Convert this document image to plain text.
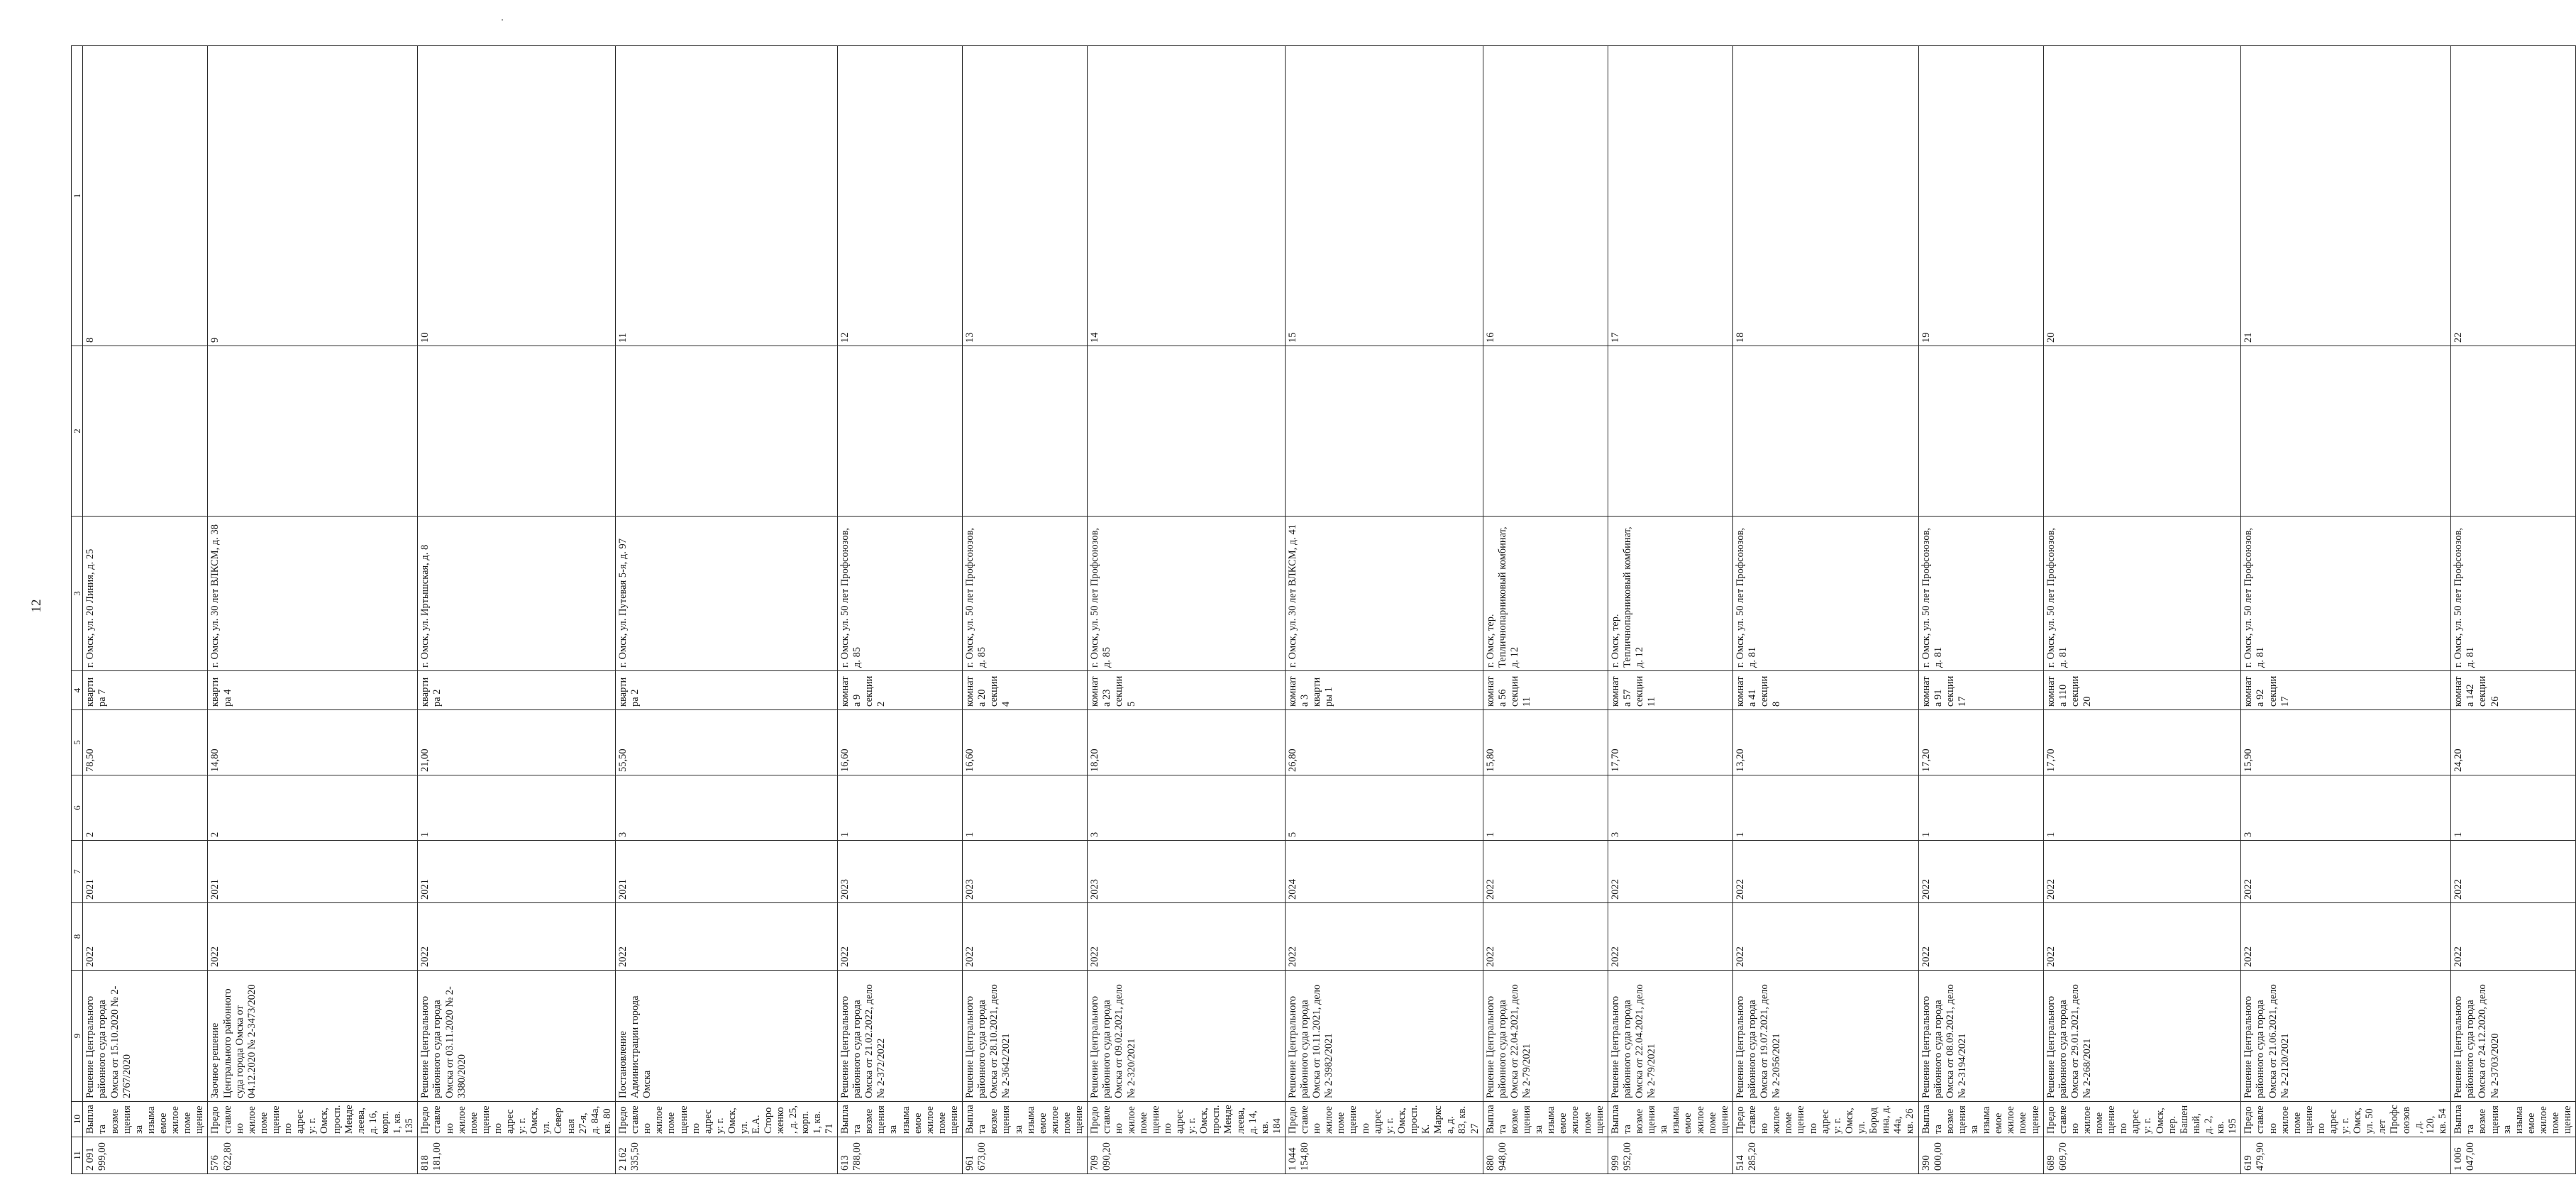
12
11	10	9	8	7	6	5	4	3	2	1
2 091 999,00	Выплата возмещения за изымаемое жилое помещение	Решение Центрального районного суда города Омска от 15.10.2020 № 2-2767/2020	2022	2021	2	78,50	квартира 7	г. Омск, ул. 20 Линия, д. 25		8
576 622,80	Предоставлено жилое помещение по адресу: г. Омск, просп. Менделеева, д. 16, корп. 1, кв. 135	Заочное решение Центрального районного суда города Омска от 04.12.2020 № 2-3473/2020	2022	2021	2	14,80	квартира 4	г. Омск, ул. 30 лет ВЛКСМ, д. 38		9
818 181,00	Предоставлено жилое помещение по адресу: г. Омск, ул. Северная 27-я, д. 84а, кв. 80	Решение Центрального районного суда города Омска от 03.11.2020 № 2-3380/2020	2022	2021	1	21,00	квартира 2	г. Омск, ул. Иртышская, д. 8		10
2 162 335,50	Предоставлено жилое помещение по адресу: г. Омск, ул. Е.А. Стороженко, д. 25, корп. 1, кв. 71	Постановление Администрации города Омска	2022	2021	3	55,50	квартира 2	г. Омск, ул. Путевая 5-я, д. 97		11
613 788,00	Выплата возмещения за изымаемое жилое помещение	Решение Центрального районного суда города Омска от 21.02.2022, дело № 2-372/2022	2022	2023	1	16,60	комната 9 секции 2	г. Омск, ул. 50 лет Профсоюзов, д. 85		12
961 673,00	Выплата возмещения за изымаемое жилое помещение	Решение Центрального районного суда города Омска от 28.10.2021, дело № 2-3642/2021	2022	2023	1	16,60	комната 20 секции 4	г. Омск, ул. 50 лет Профсоюзов, д. 85		13
709 090,20	Предоставлено жилое помещение по адресу: г. Омск, просп. Менделеева, д. 14, кв. 184	Решение Центрального районного суда города Омска от 09.02.2021, дело № 2-320/2021	2022	2023	3	18,20	комната 23 секции 5	г. Омск, ул. 50 лет Профсоюзов, д. 85		14
1 044 154,80	Предоставлено жилое помещение по адресу: г. Омск, просп. К. Маркса, д. 83, кв. 27	Решение Центрального районного суда города Омска от 10.11.2021, дело № 2-3982/2021	2022	2024	5	26,80	комната 3 квартиры 1	г. Омск, ул. 30 лет ВЛКСМ, д. 41		15
880 948,00	Выплата возмещения за изымаемое жилое помещение	Решение Центрального районного суда города Омска от 22.04.2021, дело № 2-79/2021	2022	2022	1	15,80	комната 56 секции 11	г. Омск, тер. Тепличнопарниковый комбинат, д. 12		16
999 952,00	Выплата возмещения за изымаемое жилое помещение	Решение Центрального районного суда города Омска от 22.04.2021, дело № 2-79/2021	2022	2022	3	17,70	комната 57 секции 11	г. Омск, тер. Тепличнопарниковый комбинат, д. 12		17
514 285,20	Предоставлено жилое помещение по адресу: г. Омск, ул. Бородина, д. 44а, кв. 26	Решение Центрального районного суда города Омска от 19.07.2021, дело № 2-2056/2021	2022	2022	1	13,20	комната 41 секции 8	г. Омск, ул. 50 лет Профсоюзов, д. 81		18
390 000,00	Выплата возмещения за изымаемое жилое помещение	Решение Центрального районного суда города Омска от 08.09.2021, дело № 2-3194/2021	2022	2022	1	17,20	комната 91 секции 17	г. Омск, ул. 50 лет Профсоюзов, д. 81		19
689 609,70	Предоставлено жилое помещение по адресу: г. Омск, пер. Башенный, д. 2, кв. 195	Решение Центрального районного суда города Омска от 29.01.2021, дело № 2-268/2021	2022	2022	1	17,70	комната 110 секции 20	г. Омск, ул. 50 лет Профсоюзов, д. 81		20
619 479,90	Предоставлено жилое помещение по адресу: г. Омск, ул. 50 лет Профсоюзов, д. 120, кв. 54	Решение Центрального районного суда города Омска от 21.06.2021, дело № 2-2120/2021	2022	2022	3	15,90	комната 92 секции 17	г. Омск, ул. 50 лет Профсоюзов, д. 81		21
1 006 047,00	Выплата возмещения за изымаемое жилое помещение	Решение Центрального районного суда города Омска от 24.12.2020, дело № 2-3703/2020	2022	2022	1	24,20	комната 142 секции 26	г. Омск, ул. 50 лет Профсоюзов, д. 81		22
